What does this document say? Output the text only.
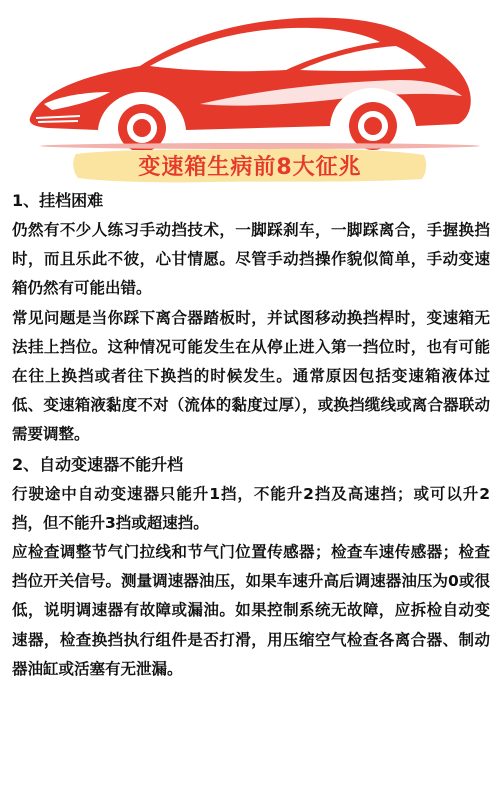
变速箱生病前8大征兆

1、挂档困难

仍然有不少人练习手动挡技术，一脚踩刹车，一脚踩离合，手握换挡时，而且乐此不彼，心甘情愿。尽管手动挡操作貌似简单，手动变速箱仍然有可能出错。

常见问题是当你踩下离合器踏板时，并试图移动换挡桿时，变速箱无法挂上挡位。这种情况可能发生在从停止进入第一挡位时，也有可能在往上换挡或者往下换挡的时候发生。通常原因包括变速箱液体过低、变速箱液黏度不对（流体的黏度过厚），或换挡缆线或离合器联动需要调整。

2、自动变速器不能升档

行驶途中自动变速器只能升1挡，不能升2挡及高速挡；或可以升2挡，但不能升3挡或超速挡。

应检查调整节气门拉线和节气门位置传感器；检查车速传感器；检查挡位开关信号。测量调速器油压，如果车速升高后调速器油压为0或很低，说明调速器有故障或漏油。如果控制系统无故障，应拆检自动变速器，检查换挡执行组件是否打滑，用压缩空气检查各离合器、制动器油缸或活塞有无泄漏。
